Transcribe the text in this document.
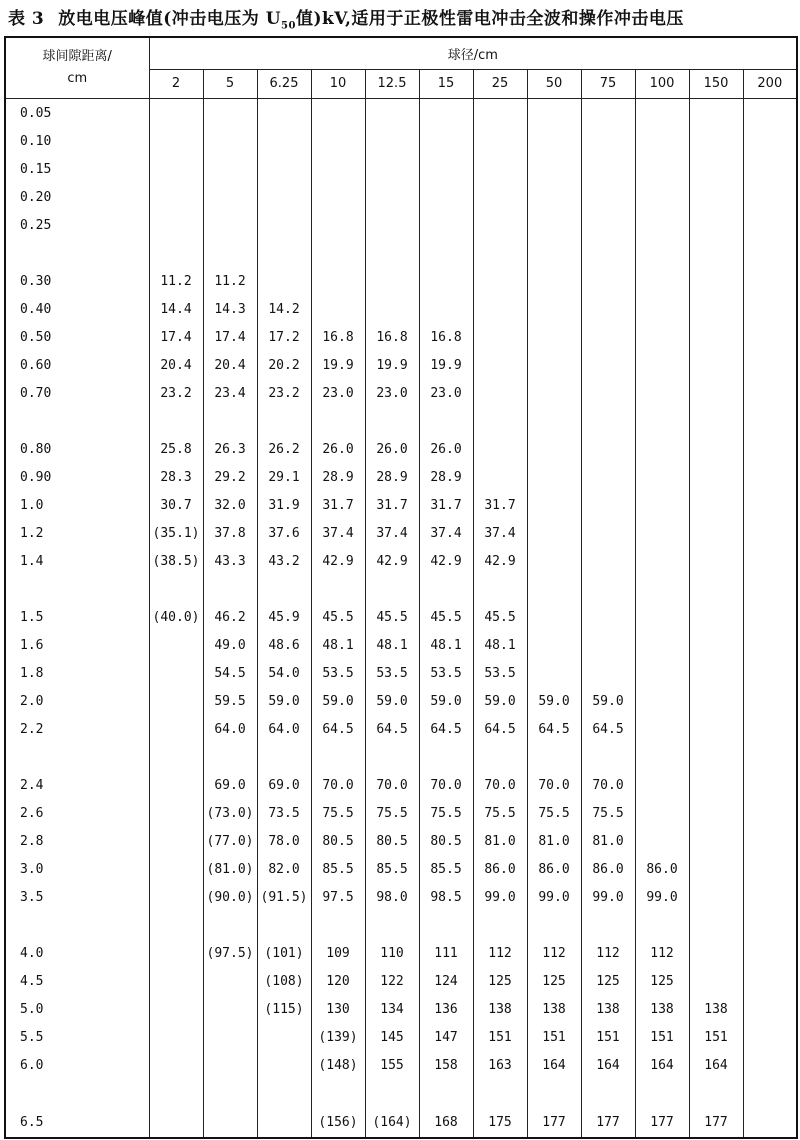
表 3 放电电压峰值(冲击电压为 $U_{50}$值)kV,适用于正极性雷电冲击全波和操作冲击电压
球间隙距离/
cm	球径/cm											
	2	5	6.25	10	12.5	15	25	50	75	100	150	200
0.05												
0.10												
0.15												
0.20												
0.25												

0.30	11.2	11.2										
0.40	14.4	14.3	14.2									
0.50	17.4	17.4	17.2	16.8	16.8	16.8						
0.60	20.4	20.4	20.2	19.9	19.9	19.9						
0.70	23.2	23.4	23.2	23.0	23.0	23.0						

0.80	25.8	26.3	26.2	26.0	26.0	26.0						
0.90	28.3	29.2	29.1	28.9	28.9	28.9						
1.0	30.7	32.0	31.9	31.7	31.7	31.7	31.7					
1.2	(35.1)	37.8	37.6	37.4	37.4	37.4	37.4					
1.4	(38.5)	43.3	43.2	42.9	42.9	42.9	42.9					

1.5	(40.0)	46.2	45.9	45.5	45.5	45.5	45.5					
1.6		49.0	48.6	48.1	48.1	48.1	48.1					
1.8		54.5	54.0	53.5	53.5	53.5	53.5					
2.0		59.5	59.0	59.0	59.0	59.0	59.0	59.0	59.0			
2.2		64.0	64.0	64.5	64.5	64.5	64.5	64.5	64.5			

2.4		69.0	69.0	70.0	70.0	70.0	70.0	70.0	70.0			
2.6		(73.0)	73.5	75.5	75.5	75.5	75.5	75.5	75.5			
2.8		(77.0)	78.0	80.5	80.5	80.5	81.0	81.0	81.0			
3.0		(81.0)	82.0	85.5	85.5	85.5	86.0	86.0	86.0	86.0		
3.5		(90.0)	(91.5)	97.5	98.0	98.5	99.0	99.0	99.0	99.0		

4.0		(97.5)	(101)	109	110	111	112	112	112	112		
4.5			(108)	120	122	124	125	125	125	125		
5.0			(115)	130	134	136	138	138	138	138	138	
5.5				(139)	145	147	151	151	151	151	151	
6.0				(148)	155	158	163	164	164	164	164	

6.5				(156)	(164)	168	175	177	177	177	177	
